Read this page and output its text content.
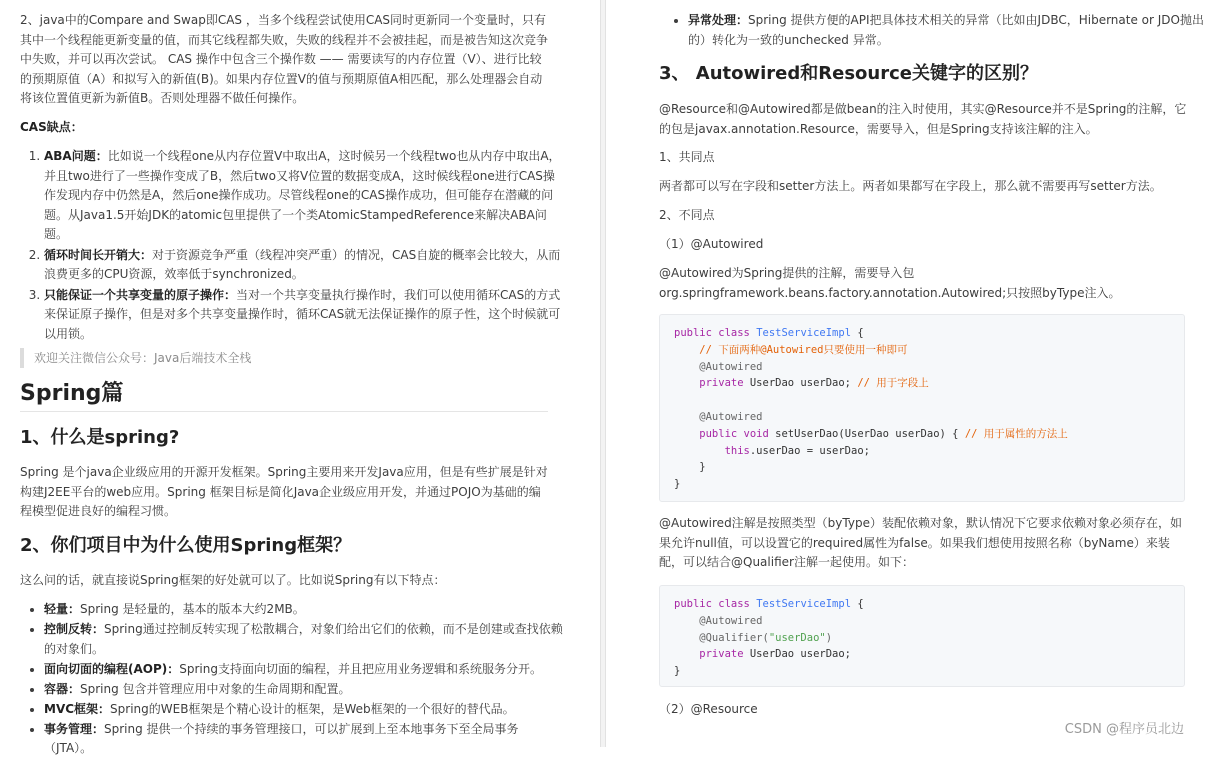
2、java中的Compare and Swap即CAS ，当多个线程尝试使用CAS同时更新同一个变量时，只有其中一个线程能更新变量的值，而其它线程都失败，失败的线程并不会被挂起，而是被告知这次竞争中失败，并可以再次尝试。 CAS 操作中包含三个操作数 —— 需要读写的内存位置（V）、进行比较的预期原值（A）和拟写入的新值(B)。如果内存位置V的值与预期原值A相匹配，那么处理器会自动将该位置值更新为新值B。否则处理器不做任何操作。
CAS缺点：
1. ABA问题：比如说一个线程one从内存位置V中取出A，这时候另一个线程two也从内存中取出A，并且two进行了一些操作变成了B，然后two又将V位置的数据变成A，这时候线程one进行CAS操作发现内存中仍然是A，然后one操作成功。尽管线程one的CAS操作成功，但可能存在潜藏的问题。从Java1.5开始JDK的atomic包里提供了一个类AtomicStampedReference来解决ABA问题。
2. 循环时间长开销大：对于资源竞争严重（线程冲突严重）的情况，CAS自旋的概率会比较大，从而浪费更多的CPU资源，效率低于synchronized。
3. 只能保证一个共享变量的原子操作：当对一个共享变量执行操作时，我们可以使用循环CAS的方式来保证原子操作，但是对多个共享变量操作时，循环CAS就无法保证操作的原子性，这个时候就可以用锁。
欢迎关注微信公众号：Java后端技术全栈
Spring篇
1、什么是spring?
Spring 是个java企业级应用的开源开发框架。Spring主要用来开发Java应用，但是有些扩展是针对构建J2EE平台的web应用。Spring 框架目标是简化Java企业级应用开发，并通过POJO为基础的编程模型促进良好的编程习惯。
2、你们项目中为什么使用Spring框架？
这么问的话，就直接说Spring框架的好处就可以了。比如说Spring有以下特点：
• 轻量：Spring 是轻量的，基本的版本大约2MB。
• 控制反转：Spring通过控制反转实现了松散耦合，对象们给出它们的依赖，而不是创建或查找依赖的对象们。
• 面向切面的编程(AOP)：Spring支持面向切面的编程，并且把应用业务逻辑和系统服务分开。
• 容器：Spring 包含并管理应用中对象的生命周期和配置。
• MVC框架：Spring的WEB框架是个精心设计的框架，是Web框架的一个很好的替代品。
• 事务管理：Spring 提供一个持续的事务管理接口，可以扩展到上至本地事务下至全局事务（JTA）。
• 异常处理：Spring 提供方便的API把具体技术相关的异常（比如由JDBC，Hibernate or JDO抛出的）转化为一致的unchecked 异常。
3、 Autowired和Resource关键字的区别？
@Resource和@Autowired都是做bean的注入时使用，其实@Resource并不是Spring的注解，它的包是javax.annotation.Resource，需要导入，但是Spring支持该注解的注入。
1、共同点
两者都可以写在字段和setter方法上。两者如果都写在字段上，那么就不需要再写setter方法。
2、不同点
（1）@Autowired
@Autowired为Spring提供的注解，需要导入包org.springframework.beans.factory.annotation.Autowired;只按照byType注入。
public class TestServiceImpl {
// 下面两种@Autowired只要使用一种即可
@Autowired
private UserDao userDao; // 用于字段上

@Autowired
public void setUserDao(UserDao userDao) { // 用于属性的方法上
this.userDao = userDao;
}
}
@Autowired注解是按照类型（byType）装配依赖对象，默认情况下它要求依赖对象必须存在，如果允许null值，可以设置它的required属性为false。如果我们想使用按照名称（byName）来装配，可以结合@Qualifier注解一起使用。如下：
public class TestServiceImpl {
@Autowired
@Qualifier("userDao")
private UserDao userDao;
}
（2）@Resource
CSDN @程序员北边
